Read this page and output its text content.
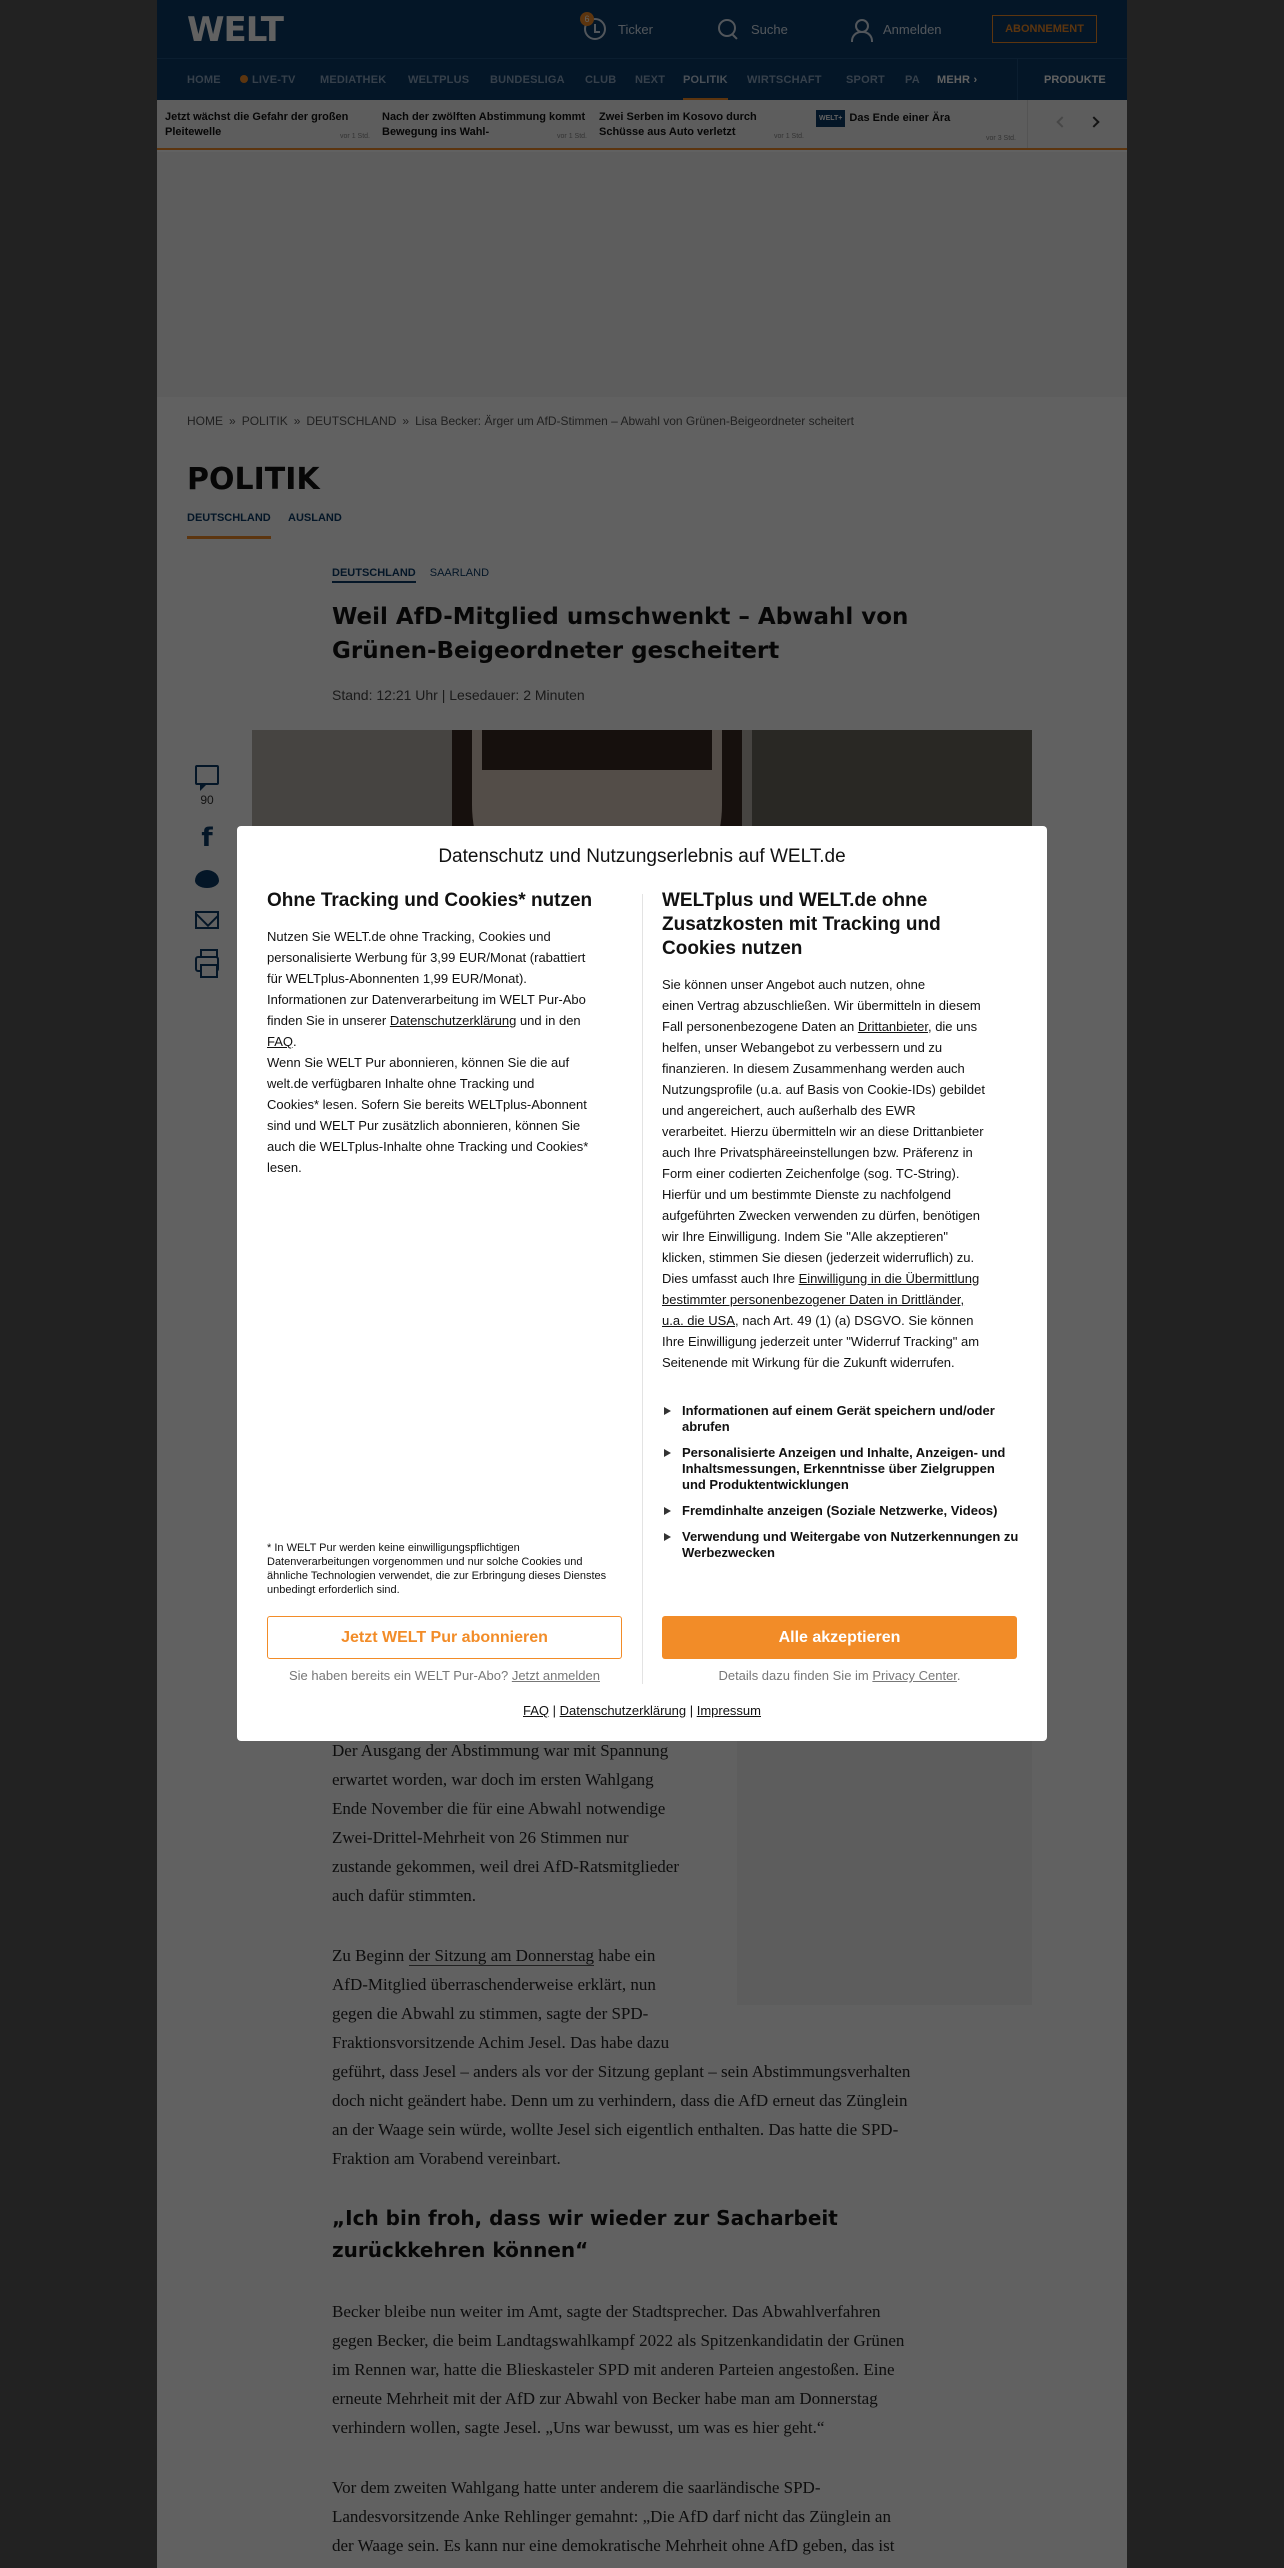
Datenschutz und Nutzungserlebnis auf WELT.de
Ohne Tracking und Cookies* nutzen
Nutzen Sie WELT.de ohne Tracking, Cookies und
personalisierte Werbung für 3,99 EUR/Monat (rabattiert
für WELTplus-Abonnenten 1,99 EUR/Monat).
Informationen zur Datenverarbeitung im WELT Pur-Abo
finden Sie in unserer Datenschutzerklärung und in den
FAQ.
Wenn Sie WELT Pur abonnieren, können Sie die auf
welt.de verfügbaren Inhalte ohne Tracking und
Cookies* lesen. Sofern Sie bereits WELTplus-Abonnent
sind und WELT Pur zusätzlich abonnieren, können Sie
auch die WELTplus-Inhalte ohne Tracking und Cookies*
lesen.
* In WELT Pur werden keine einwilligungspflichtigen Datenverarbeitungen vorgenommen und nur solche Cookies und ähnliche Technologien verwendet, die zur Erbringung dieses Dienstes unbedingt erforderlich sind.
Jetzt WELT Pur abonnieren
Sie haben bereits ein WELT Pur-Abo? Jetzt anmelden
WELTplus und WELT.de ohne
Zusatzkosten mit Tracking und
Cookies nutzen
Sie können unser Angebot auch nutzen, ohne
einen Vertrag abzuschließen. Wir übermitteln in diesem
Fall personenbezogene Daten an Drittanbieter, die uns
helfen, unser Webangebot zu verbessern und zu
finanzieren. In diesem Zusammenhang werden auch
Nutzungsprofile (u.a. auf Basis von Cookie-IDs) gebildet
und angereichert, auch außerhalb des EWR
verarbeitet. Hierzu übermitteln wir an diese Drittanbieter
auch Ihre Privatsphäreeinstellungen bzw. Präferenz in
Form einer codierten Zeichenfolge (sog. TC-String).
Hierfür und um bestimmte Dienste zu nachfolgend
aufgeführten Zwecken verwenden zu dürfen, benötigen
wir Ihre Einwilligung. Indem Sie "Alle akzeptieren"
klicken, stimmen Sie diesen (jederzeit widerruflich) zu.
Dies umfasst auch Ihre Einwilligung in die Übermittlung
bestimmter personenbezogener Daten in Drittländer,
u.a. die USA, nach Art. 49 (1) (a) DSGVO. Sie können
Ihre Einwilligung jederzeit unter "Widerruf Tracking" am
Seitenende mit Wirkung für die Zukunft widerrufen.
Informationen auf einem Gerät speichern und/oder abrufen
Personalisierte Anzeigen und Inhalte, Anzeigen- und Inhaltsmessungen, Erkenntnisse über Zielgruppen und Produktentwicklungen
Fremdinhalte anzeigen (Soziale Netzwerke, Videos)
Verwendung und Weitergabe von Nutzerkennungen zu Werbezwecken
Alle akzeptieren
Details dazu finden Sie im Privacy Center.
FAQ | Datenschutzerklärung | Impressum
